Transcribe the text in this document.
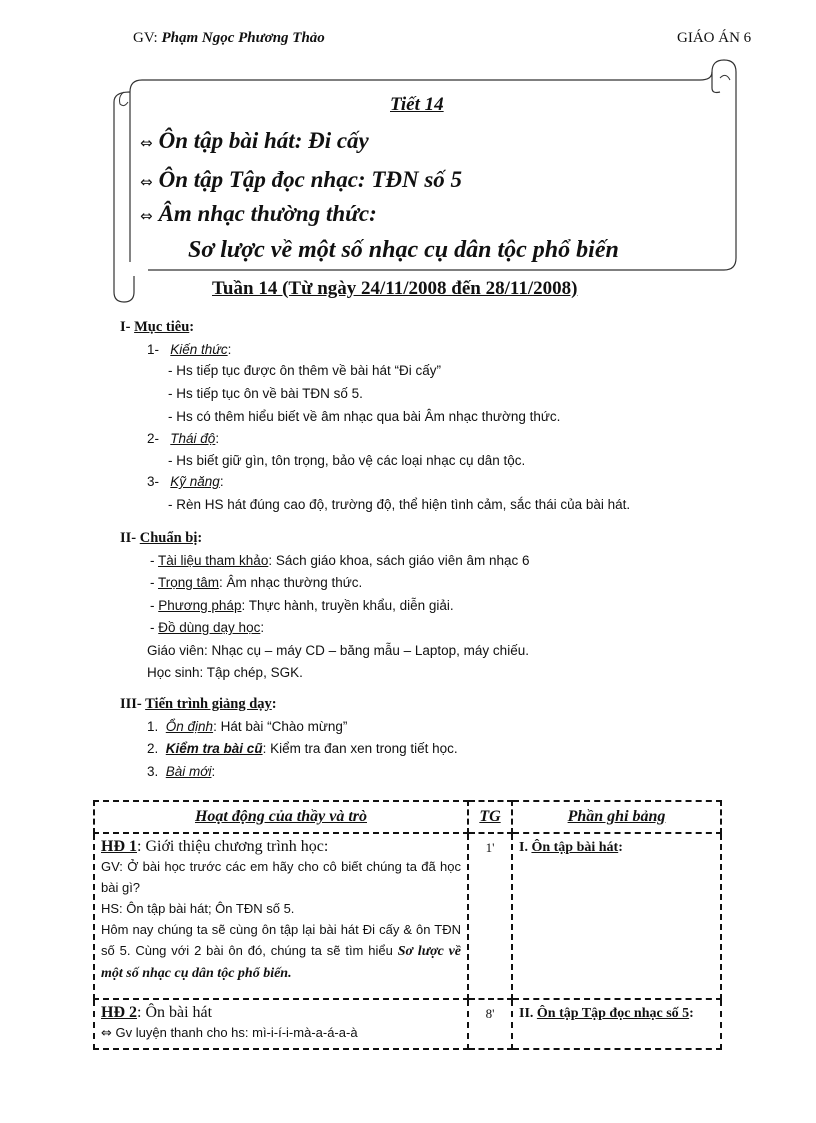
GV: Phạm Ngọc Phương Thảo	GIÁO ÁN 6
Tiết 14
⇔ Ôn tập bài hát: Đi cấy
⇔ Ôn tập Tập đọc nhạc: TĐN số 5
⇔ Âm nhạc thường thức:
Sơ lược về một số nhạc cụ dân tộc phổ biến
Tuần 14 (Từ ngày 24/11/2008 đến 28/11/2008)
I- Mục tiêu:
1- Kiến thức:
- Hs tiếp tục được ôn thêm về bài hát “Đi cấy”
- Hs tiếp tục ôn về bài TĐN số 5.
- Hs có thêm hiểu biết về âm nhạc qua bài Âm nhạc thường thức.
2- Thái độ:
- Hs biết giữ gìn, tôn trọng, bảo vệ các loại nhạc cụ dân tộc.
3- Kỹ năng:
- Rèn HS hát đúng cao độ, trường độ, thể hiện tình cảm, sắc thái của bài hát.
II- Chuẩn bị:
- Tài liệu tham khảo: Sách giáo khoa, sách giáo viên âm nhạc 6
- Trọng tâm: Âm nhạc thường thức.
- Phương pháp: Thực hành, truyền khẩu, diễn giải.
- Đồ dùng dạy học:
Giáo viên: Nhạc cụ – máy CD – băng mẫu – Laptop, máy chiếu.
Học sinh: Tập chép, SGK.
III- Tiến trình giảng dạy:
1. Ổn định: Hát bài “Chào mừng”
2. Kiểm tra bài cũ: Kiểm tra đan xen trong tiết học.
3. Bài mới:
Hoạt động của thầy và trò	TG	Phần ghi bảng

HĐ 1: Giới thiệu chương trình học:
GV: Ở bài học trước các em hãy cho cô biết chúng ta đã học bài gì?
HS: Ôn tập bài hát; Ôn TĐN số 5.
Hôm nay chúng ta sẽ cùng ôn tập lại bài hát Đi cấy & ôn TĐN số 5. Cùng với 2 bài ôn đó, chúng ta sẽ tìm hiểu Sơ lược về một số nhạc cụ dân tộc phổ biến.	1'	I. Ôn tập bài hát:

HĐ 2: Ôn bài hát
⇔ Gv luyện thanh cho hs: mì-i-í-i-mà-a-á-a-à	8'	II. Ôn tập Tập đọc nhạc số 5:
